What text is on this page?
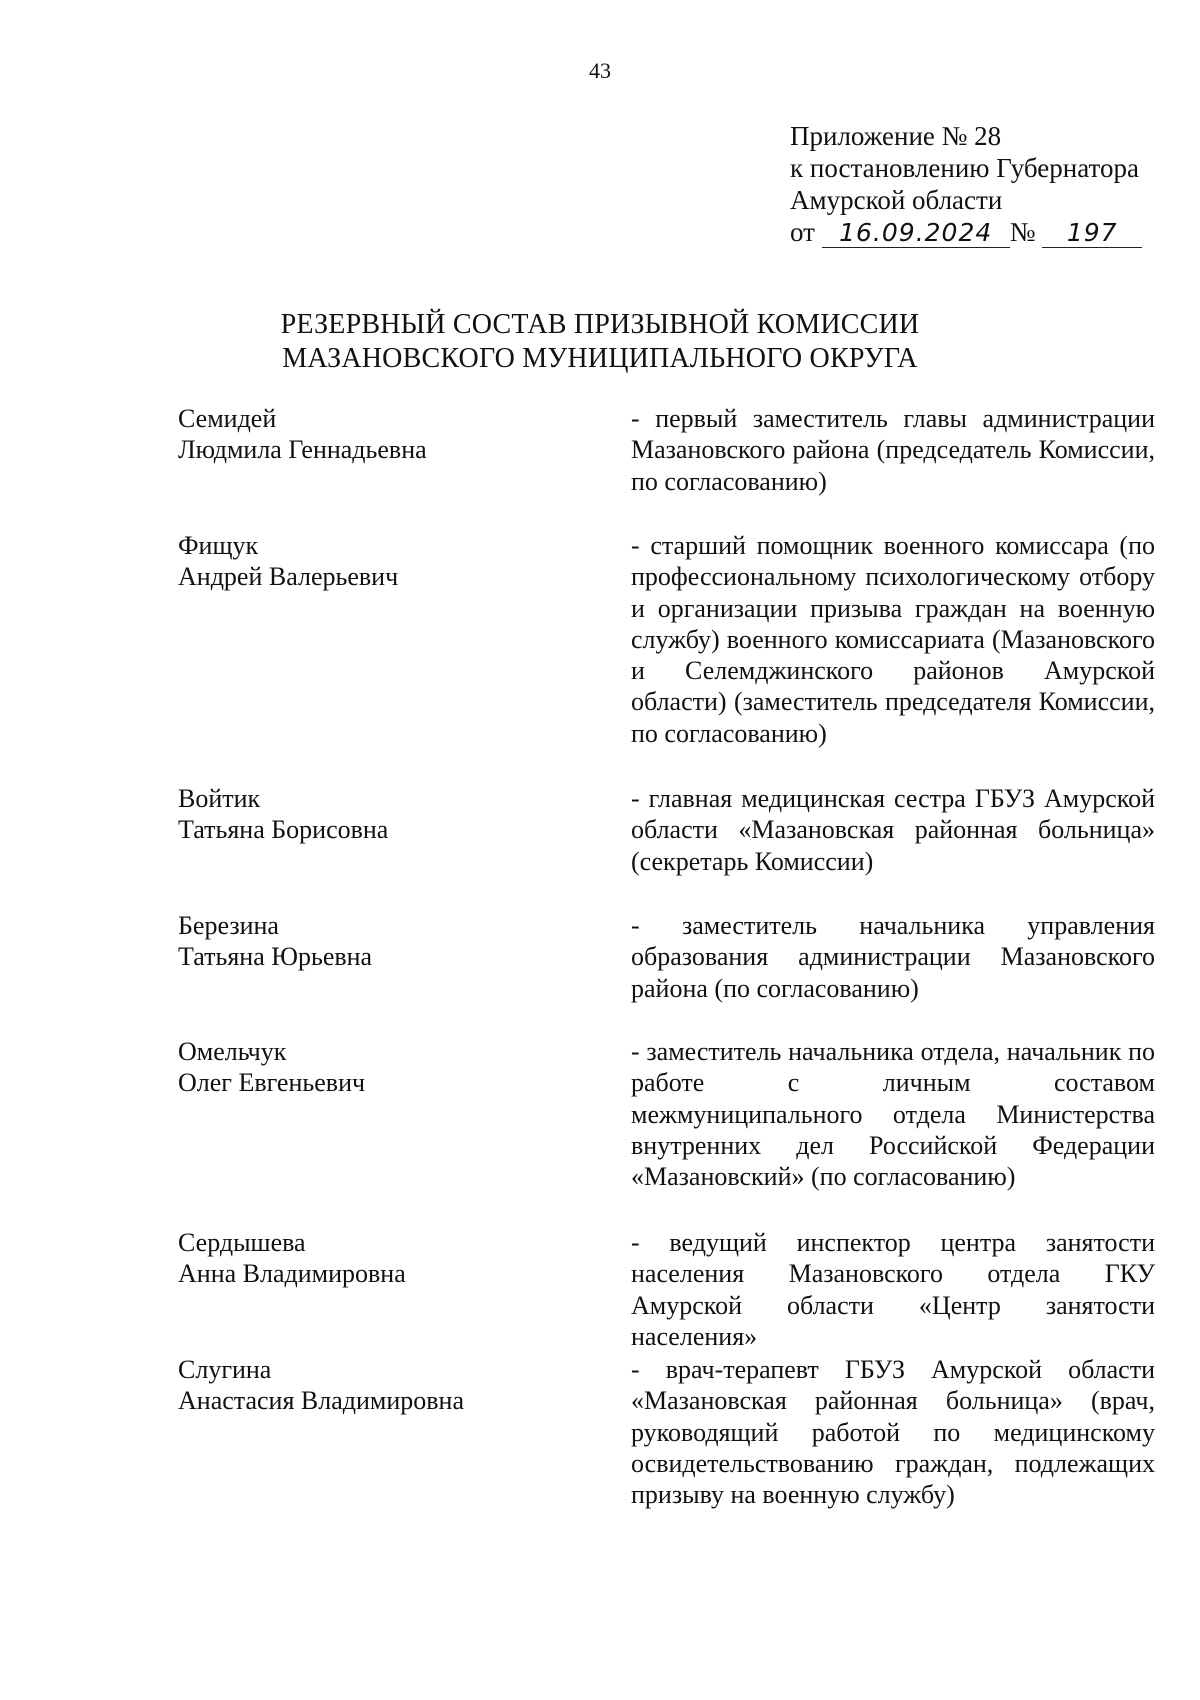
43
Приложение № 28
к постановлению Губернатора
Амурской области
от 16.09.2024 № 197
РЕЗЕРВНЫЙ СОСТАВ ПРИЗЫВНОЙ КОМИССИИ
МАЗАНОВСКОГО МУНИЦИПАЛЬНОГО ОКРУГА
Семидей
Людмила Геннадьевна
- первый заместитель главы администрации Мазановского района (председатель Комиссии, по согласованию)
Фищук
Андрей Валерьевич
- старший помощник военного комиссара (по профессиональному психологическому отбору и организации призыва граждан на военную службу) военного комиссариата (Мазановского и Селемджинского районов Амурской области) (заместитель председателя Комиссии, по согласованию)
Войтик
Татьяна Борисовна
- главная медицинская сестра ГБУЗ Амурской области «Мазановская районная больница» (секретарь Комиссии)
Березина
Татьяна Юрьевна
- заместитель начальника управления образования администрации Мазановского района (по согласованию)
Омельчук
Олег Евгеньевич
- заместитель начальника отдела, начальник по работе с личным составом межмуниципального отдела Министерства внутренних дел Российской Федерации «Мазановский» (по согласованию)
Сердышева
Анна Владимировна
- ведущий инспектор центра занятости населения Мазановского отдела ГКУ Амурской области «Центр занятости населения»
Слугина
Анастасия Владимировна
- врач-терапевт ГБУЗ Амурской области «Мазановская районная больница» (врач, руководящий работой по медицинскому освидетельствованию граждан, подлежащих призыву на военную службу)
